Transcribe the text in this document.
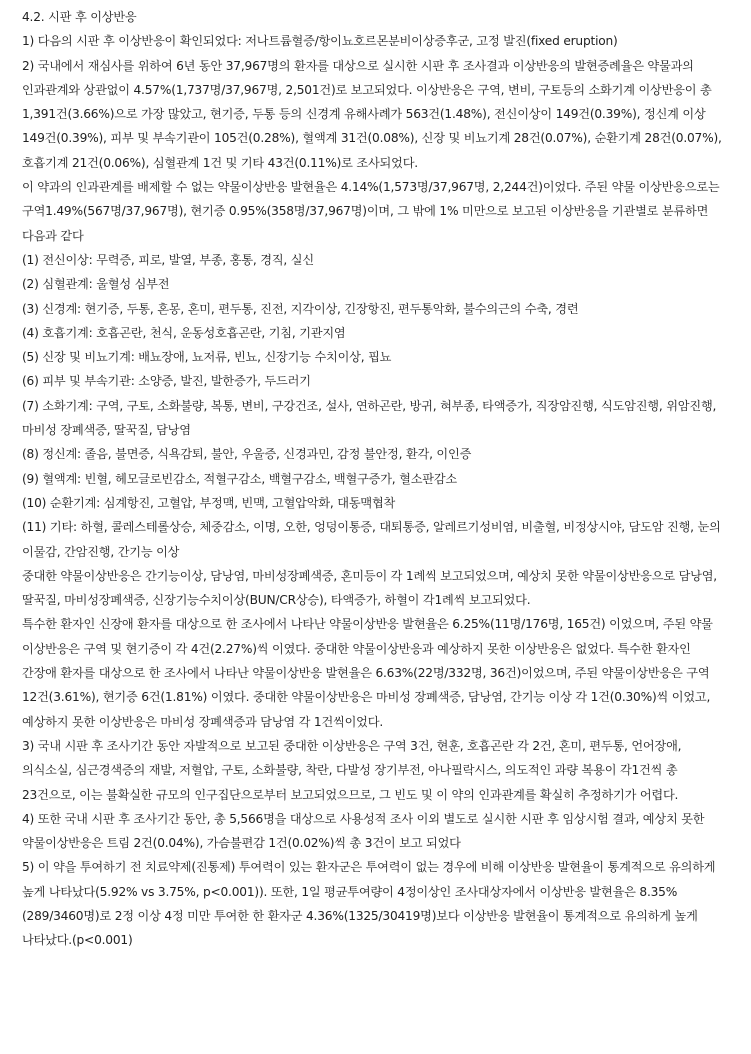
4.2. 시판 후 이상반응
1) 다음의 시판 후 이상반응이 확인되었다: 저나트륨혈증/항이뇨호르몬분비이상증후군, 고정 발진(fixed eruption)
2) 국내에서 재심사를 위하여 6년 동안 37,967명의 환자를 대상으로 실시한 시판 후 조사결과 이상반응의 발현증례율은 약물과의 인과관계와 상관없이 4.57%(1,737명/37,967명, 2,501건)로 보고되었다. 이상반응은 구역, 변비, 구토등의 소화기계 이상반응이 총 1,391건(3.66%)으로 가장 많았고, 현기증, 두통 등의 신경계 유해사례가 563건(1.48%), 전신이상이 149건(0.39%), 정신계 이상 149건(0.39%), 피부 및 부속기관이 105건(0.28%), 혈액계 31건(0.08%), 신장 및 비뇨기계 28건(0.07%), 순환기계 28건(0.07%), 호흡기계 21건(0.06%), 심혈관계 1건 및 기타 43건(0.11%)로 조사되었다.
이 약과의 인과관계를 배제할 수 없는 약물이상반응 발현율은 4.14%(1,573명/37,967명, 2,244건)이었다. 주된 약물 이상반응으로는 구역1.49%(567명/37,967명), 현기증 0.95%(358명/37,967명)이며, 그 밖에 1% 미만으로 보고된 이상반응을 기관별로 분류하면 다음과 같다
(1) 전신이상: 무력증, 피로, 발열, 부종, 홍통, 경직, 실신
(2) 심혈관계: 울혈성 심부전
(3) 신경계: 현기증, 두통, 혼몽, 혼미, 편두통, 진전, 지각이상, 긴장항진, 편두통악화, 불수의근의 수축, 경련
(4) 호흡기계: 호흡곤란, 천식, 운동성호흡곤란, 기침, 기관지염
(5) 신장 및 비뇨기계: 배뇨장애, 뇨저류, 빈뇨, 신장기능 수치이상, 핍뇨
(6) 피부 및 부속기관: 소양증, 발진, 발한증가, 두드러기
(7) 소화기계: 구역, 구토, 소화불량, 복통, 변비, 구강건조, 설사, 연하곤란, 방귀, 혀부종, 타액증가, 직장암진행, 식도암진행, 위암진행, 마비성 장폐색증, 딸꾹질, 담낭염
(8) 정신계: 졸음, 불면증, 식욕감퇴, 불안, 우울증, 신경과민, 감정 불안정, 환각, 이인증
(9) 혈액계: 빈혈, 헤모글로빈감소, 적혈구감소, 백혈구감소, 백혈구증가, 혈소판감소
(10) 순환기계: 심계항진, 고혈압, 부정맥, 빈맥, 고혈압악화, 대동맥협착
(11) 기타: 하혈, 콜레스테롤상승, 체중감소, 이명, 오한, 엉덩이통증, 대퇴통증, 알레르기성비염, 비출혈, 비정상시야, 담도암 진행, 눈의 이물감, 간암진행, 간기능 이상
중대한 약물이상반응은 간기능이상, 담낭염, 마비성장폐색증, 혼미등이 각 1례씩 보고되었으며, 예상치 못한 약물이상반응으로 담낭염, 딸꾹질, 마비성장폐색증, 신장기능수치이상(BUN/CR상승), 타액증가, 하혈이 각1례씩 보고되었다.
특수한 환자인 신장애 환자를 대상으로 한 조사에서 나타난 약물이상반응 발현율은 6.25%(11명/176명, 165건) 이었으며, 주된 약물 이상반응은 구역 및 현기증이 각 4건(2.27%)씩 이였다. 중대한 약물이상반응과 예상하지 못한 이상반응은 없었다. 특수한 환자인 간장애 환자를 대상으로 한 조사에서 나타난 약물이상반응 발현율은 6.63%(22명/332명, 36건)이었으며, 주된 약물이상반응은 구역 12건(3.61%), 현기증 6건(1.81%) 이였다. 중대한 약물이상반응은 마비성 장폐색증, 담낭염, 간기능 이상 각 1건(0.30%)씩 이었고, 예상하지 못한 이상반응은 마비성 장폐색증과 담낭염 각 1건씩이었다.
3) 국내 시판 후 조사기간 동안 자발적으로 보고된 중대한 이상반응은 구역 3건, 현훈, 호흡곤란 각 2건, 혼미, 편두통, 언어장애, 의식소실, 심근경색증의 재발, 저혈압, 구토, 소화불량, 착란, 다발성 장기부전, 아나필락시스, 의도적인 과량 복용이 각1건씩 총 23건으로, 이는 불확실한 규모의 인구집단으로부터 보고되었으므로, 그 빈도 및 이 약의 인과관계를 확실히 추정하기가 어렵다.
4) 또한 국내 시판 후 조사기간 동안, 총 5,566명을 대상으로 사용성적 조사 이외 별도로 실시한 시판 후 임상시험 결과, 예상치 못한 약물이상반응은 트림 2건(0.04%), 가슴불편감 1건(0.02%)씩 총 3건이 보고 되었다
5) 이 약을 투여하기 전 치료약제(진통제) 투여력이 있는 환자군은 투여력이 없는 경우에 비해 이상반응 발현율이 통계적으로 유의하게 높게 나타났다(5.92% vs 3.75%, p<0.001)). 또한, 1일 평균투여량이 4정이상인 조사대상자에서 이상반응 발현율은 8.35%(289/3460명)로 2정 이상 4정 미만 투여한 한 환자군 4.36%(1325/30419명)보다 이상반응 발현율이 통계적으로 유의하게 높게 나타났다.(p<0.001)
